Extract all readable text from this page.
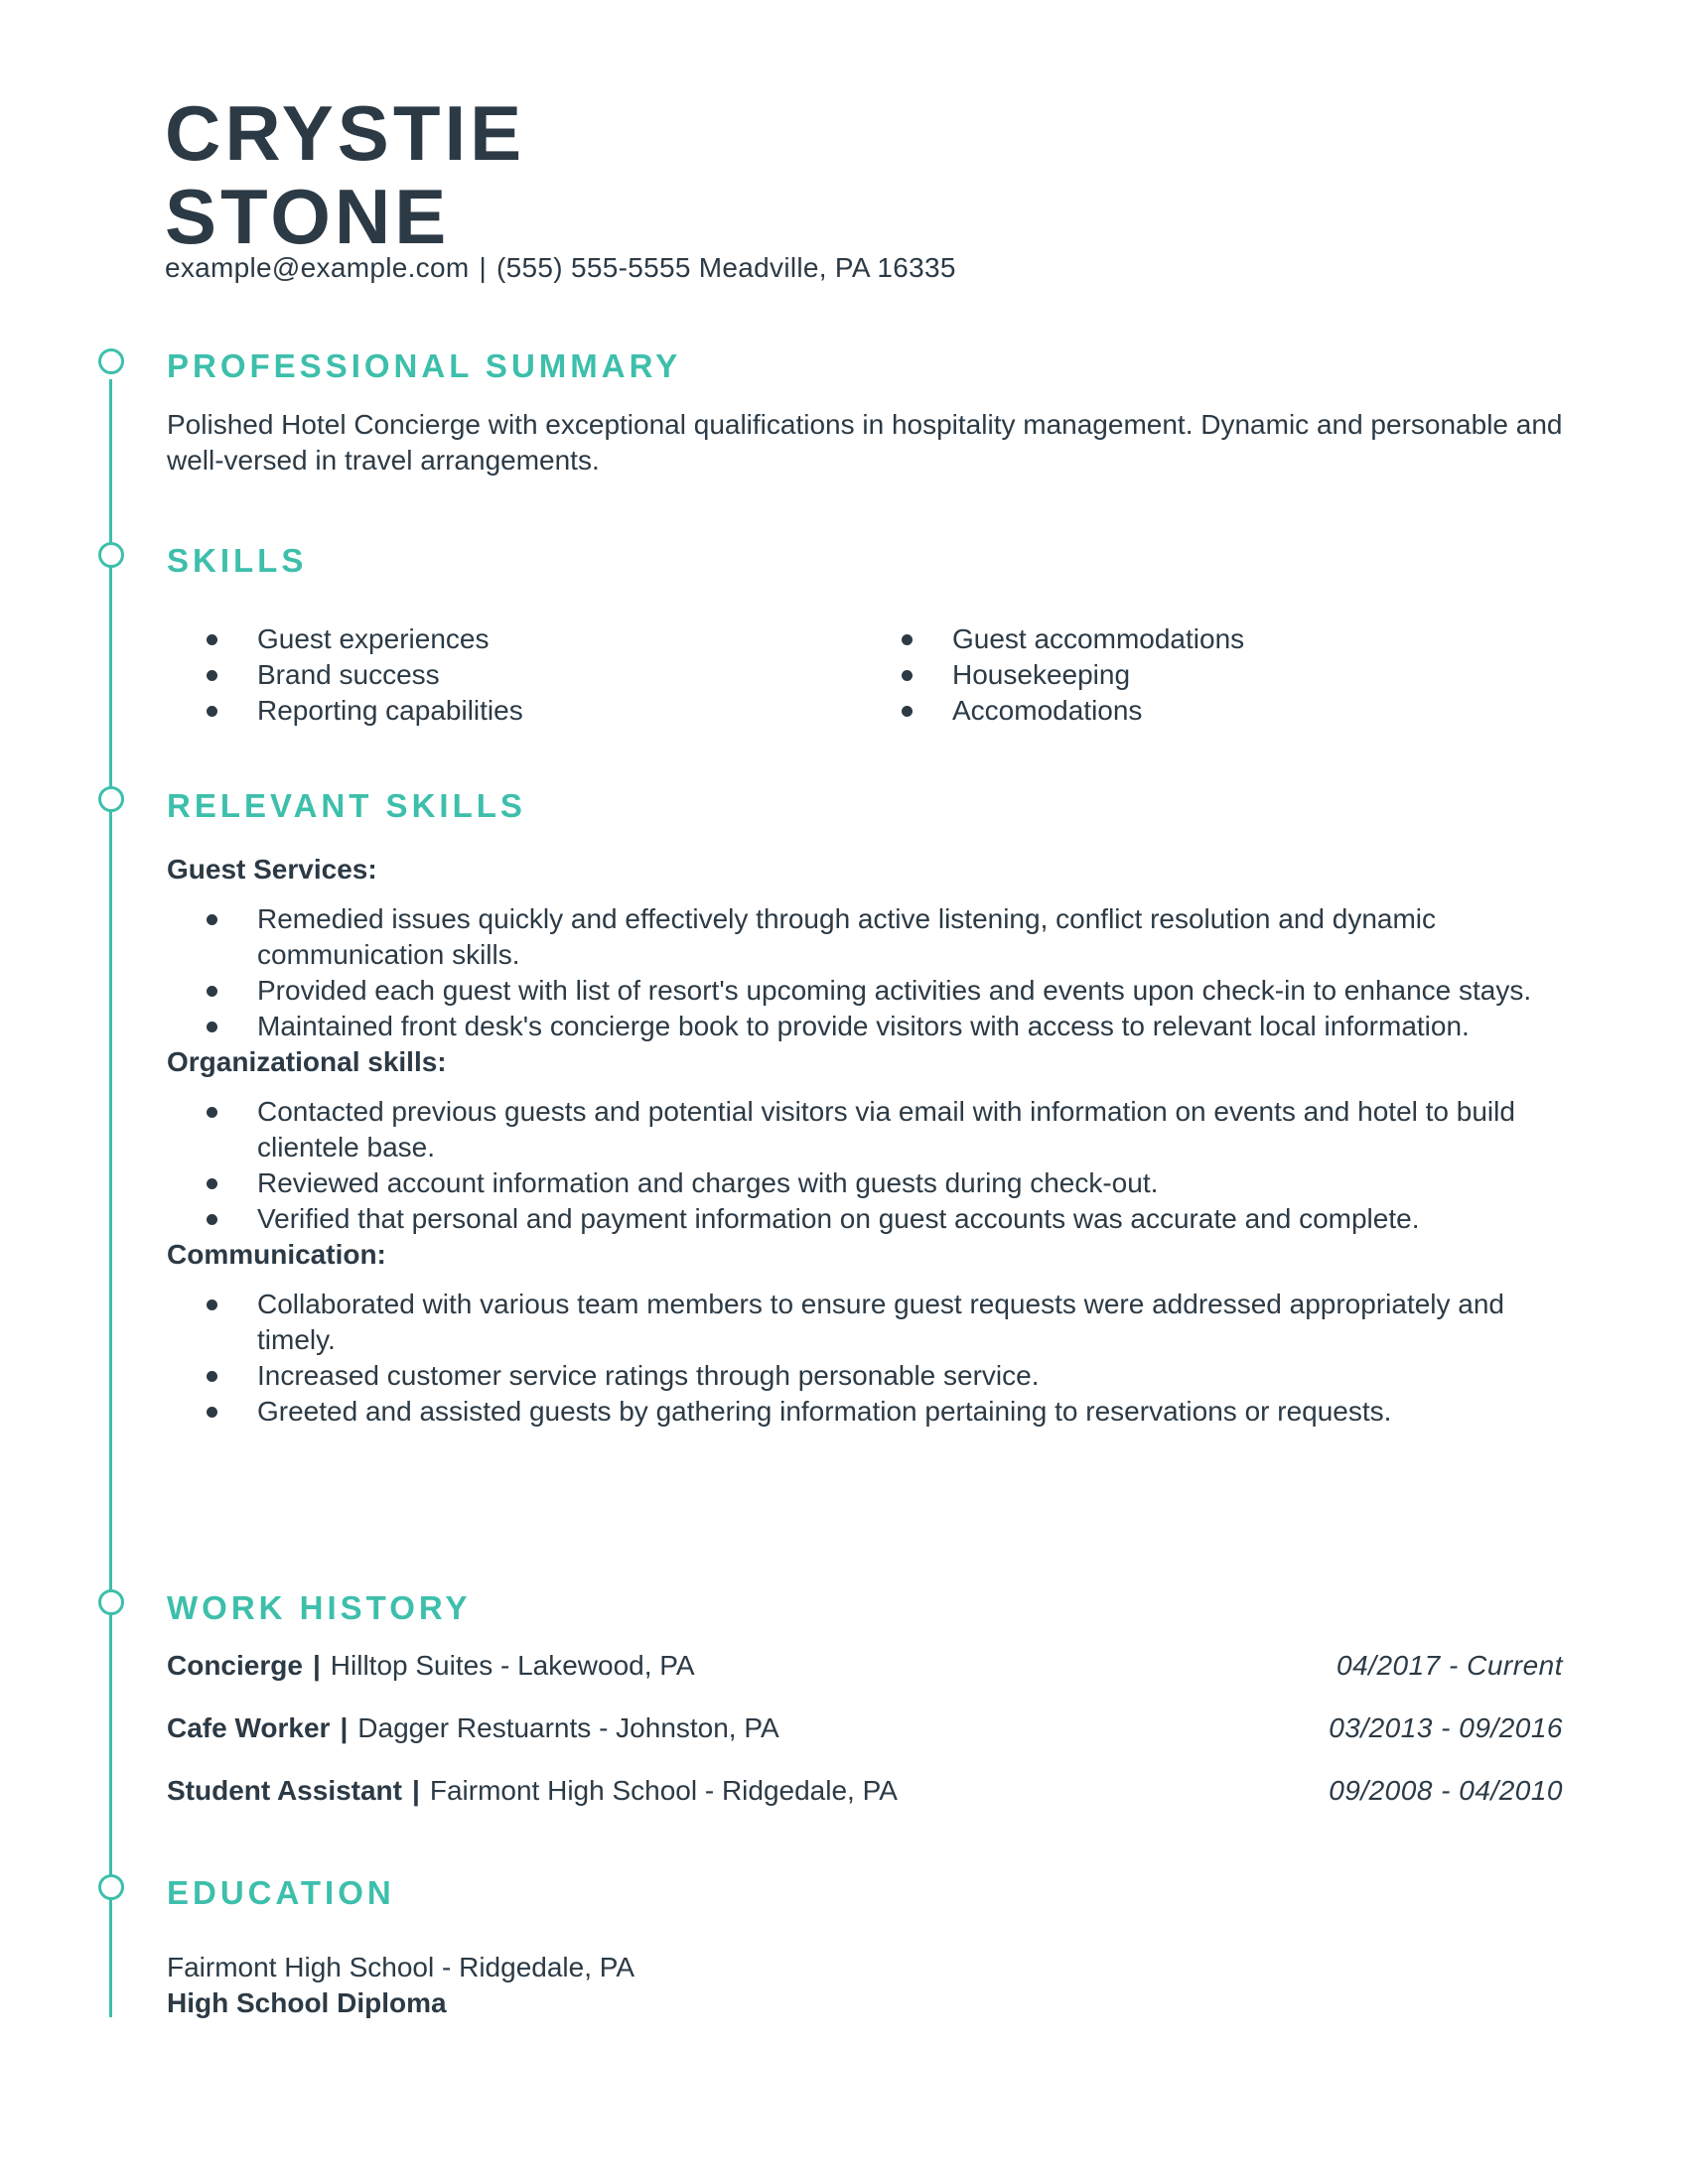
CRYSTIE
STONE
example@example.com | (555) 555-5555 Meadville, PA 16335
PROFESSIONAL SUMMARY
Polished Hotel Concierge with exceptional qualifications in hospitality management. Dynamic and personable and well-versed in travel arrangements.
SKILLS
Guest experiences
Brand success
Reporting capabilities
Guest accommodations
Housekeeping
Accomodations
RELEVANT SKILLS
Guest Services:
Remedied issues quickly and effectively through active listening, conflict resolution and dynamic communication skills.
Provided each guest with list of resort's upcoming activities and events upon check-in to enhance stays.
Maintained front desk's concierge book to provide visitors with access to relevant local information.
Organizational skills:
Contacted previous guests and potential visitors via email with information on events and hotel to build clientele base.
Reviewed account information and charges with guests during check-out.
Verified that personal and payment information on guest accounts was accurate and complete.
Communication:
Collaborated with various team members to ensure guest requests were addressed appropriately and timely.
Increased customer service ratings through personable service.
Greeted and assisted guests by gathering information pertaining to reservations or requests.
WORK HISTORY
Concierge | Hilltop Suites - Lakewood, PA	04/2017 - Current
Cafe Worker | Dagger Restuarnts - Johnston, PA	03/2013 - 09/2016
Student Assistant | Fairmont High School - Ridgedale, PA	09/2008 - 04/2010
EDUCATION
Fairmont High School - Ridgedale, PA
High School Diploma
